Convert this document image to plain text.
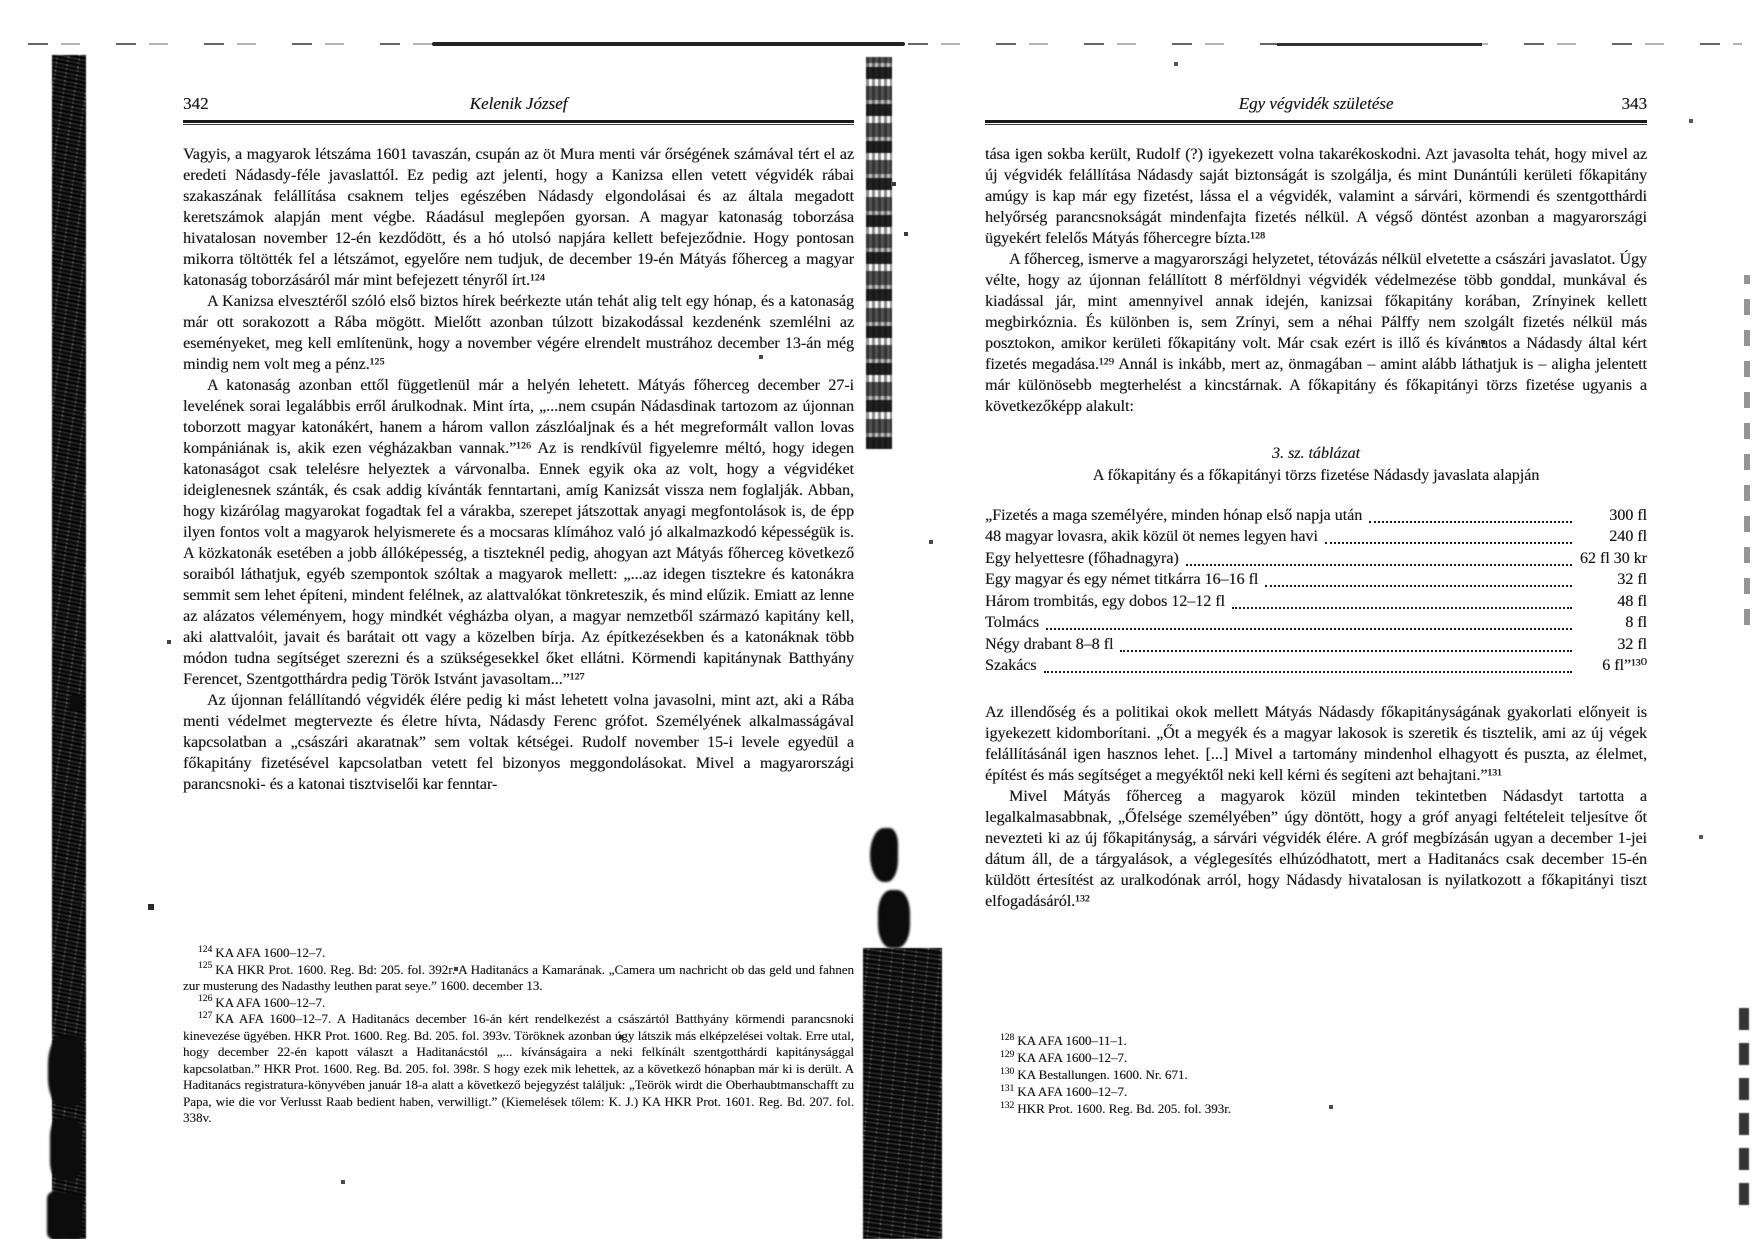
342	Kelenik József

Vagyis, a magyarok létszáma 1601 tavaszán, csupán az öt Mura menti vár őrségének számával tért el az eredeti Nádasdy-féle javaslattól. Ez pedig azt jelenti, hogy a Kanizsa ellen vetett végvidék rábai szakaszának felállítása csaknem teljes egészében Nádasdy elgondolásai és az általa megadott keretszámok alapján ment végbe. Ráadásul meglepően gyorsan. A magyar katonaság toborzása hivatalosan november 12-én kezdődött, és a hó utolsó napjára kellett befejeződnie. Hogy pontosan mikorra töltötték fel a létszámot, egyelőre nem tudjuk, de december 19-én Mátyás főherceg a magyar katonaság toborzásáról már mint befejezett tényről írt.¹²⁴

A Kanizsa elvesztéről szóló első biztos hírek beérkezte után tehát alig telt egy hónap, és a katonaság már ott sorakozott a Rába mögött. Mielőtt azonban túlzott bizakodással kezdenénk szemlélni az eseményeket, meg kell említenünk, hogy a november végére elrendelt mustrához december 13-án még mindig nem volt meg a pénz.¹²⁵

A katonaság azonban ettől függetlenül már a helyén lehetett. Mátyás főherceg december 27-i levelének sorai legalábbis erről árulkodnak. Mint írta, „...nem csupán Nádasdinak tartozom az újonnan toborzott magyar katonákért, hanem a három vallon zászlóaljnak és a hét megreformált vallon lovas kompániának is, akik ezen végházakban vannak.”¹²⁶ Az is rendkívül figyelemre méltó, hogy idegen katonaságot csak telelésre helyeztek a várvonalba. Ennek egyik oka az volt, hogy a végvidéket ideiglenesnek szánták, és csak addig kívánták fenntartani, amíg Kanizsát vissza nem foglalják. Abban, hogy kizárólag magyarokat fogadtak fel a várakba, szerepet játszottak anyagi megfontolások is, de épp ilyen fontos volt a magyarok helyismerete és a mocsaras klímához való jó alkalmazkodó képességük is. A közkatonák esetében a jobb állóképesség, a tiszteknél pedig, ahogyan azt Mátyás főherceg következő soraiból láthatjuk, egyéb szempontok szóltak a magyarok mellett: „...az idegen tisztekre és katonákra semmit sem lehet építeni, mindent felélnek, az alattvalókat tönkreteszik, és mind elűzik. Emiatt az lenne az alázatos véleményem, hogy mindkét végházba olyan, a magyar nemzetből származó kapitány kell, aki alattvalóit, javait és barátait ott vagy a közelben bírja. Az építkezésekben és a katonáknak több módon tudna segítséget szerezni és a szükségesekkel őket ellátni. Körmendi kapitánynak Batthyány Ferencet, Szentgotthárdra pedig Török Istvánt javasoltam...”¹²⁷

Az újonnan felállítandó végvidék élére pedig ki mást lehetett volna javasolni, mint azt, aki a Rába menti védelmet megtervezte és életre hívta, Nádasdy Ferenc grófot. Személyének alkalmasságával kapcsolatban a „császári akaratnak” sem voltak kétségei. Rudolf november 15-i levele egyedül a főkapitány fizetésével kapcsolatban vetett fel bizonyos meggondolásokat. Mivel a magyarországi parancsnoki- és a katonai tisztviselői kar fenntar-

$^{124}$ KA AFA 1600–12–7.
$^{125}$ KA HKR Prot. 1600. Reg. Bd: 205. fol. 392r. A Haditanács a Kamarának. „Camera um nachricht ob das geld und fahnen zur musterung des Nadasthy leuthen parat seye.” 1600. december 13.
$^{126}$ KA AFA 1600–12–7.
$^{127}$ KA AFA 1600–12–7. A Haditanács december 16-án kért rendelkezést a császártól Batthyány körmendi parancsnoki kinevezése ügyében. HKR Prot. 1600. Reg. Bd. 205. fol. 393v. Töröknek azonban úgy látszik más elképzelései voltak. Erre utal, hogy december 22-én kapott választ a Haditanácstól „... kívánságaira a neki felkínált szentgotthárdi kapitánysággal kapcsolatban.” HKR Prot. 1600. Reg. Bd. 205. fol. 398r. S hogy ezek mik lehettek, az a következő hónapban már ki is derült. A Haditanács registratura-könyvében január 18-a alatt a következő bejegyzést találjuk: „Teörök wirdt die Oberhaubtmanschafft zu Papa, wie die vor Verlusst Raab bedient haben, verwilligt.” (Kiemelések tőlem: K. J.) KA HKR Prot. 1601. Reg. Bd. 207. fol. 338v.
Egy végvidék születése	343

tása igen sokba került, Rudolf (?) igyekezett volna takarékoskodni. Azt javasolta tehát, hogy mivel az új végvidék felállítása Nádasdy saját biztonságát is szolgálja, és mint Dunántúli kerületi főkapitány amúgy is kap már egy fizetést, lássa el a végvidék, valamint a sárvári, körmendi és szentgotthárdi helyőrség parancsnokságát mindenfajta fizetés nélkül. A végső döntést azonban a magyarországi ügyekért felelős Mátyás főhercegre bízta.¹²⁸

A főherceg, ismerve a magyarországi helyzetet, tétovázás nélkül elvetette a császári javaslatot. Úgy vélte, hogy az újonnan felállított 8 mérföldnyi végvidék védelmezése több gonddal, munkával és kiadással jár, mint amennyivel annak idején, kanizsai főkapitány korában, Zrínyinek kellett megbirkóznia. És különben is, sem Zrínyi, sem a néhai Pálffy nem szolgált fizetés nélkül más posztokon, amikor kerületi főkapitány volt. Már csak ezért is illő és kívánatos a Nádasdy által kért fizetés megadása.¹²⁹ Annál is inkább, mert az, önmagában – amint alább láthatjuk is – aligha jelentett már különösebb megterhelést a kincstárnak. A főkapitány és főkapitányi törzs fizetése ugyanis a következőképp alakult:

3. sz. táblázat
A főkapitány és a főkapitányi törzs fizetése Nádasdy javaslata alapján
„Fizetés a maga személyére, minden hónap első napja után	300 fl
48 magyar lovasra, akik közül öt nemes legyen havi	240 fl
Egy helyettesre (főhadnagyra)	62 fl 30 kr
Egy magyar és egy német titkárra 16–16 fl	32 fl
Három trombitás, egy dobos 12–12 fl	48 fl
Tolmács	8 fl
Négy drabant 8–8 fl	32 fl
Szakács	6 fl”¹³⁰

Az illendőség és a politikai okok mellett Mátyás Nádasdy főkapitányságának gyakorlati előnyeit is igyekezett kidomborítani. „Őt a megyék és a magyar lakosok is szeretik és tisztelik, ami az új végek felállításánál igen hasznos lehet. [...] Mivel a tartomány mindenhol elhagyott és puszta, az élelmet, építést és más segítséget a megyéktől neki kell kérni és segíteni azt behajtani.”¹³¹

Mivel Mátyás főherceg a magyarok közül minden tekintetben Nádasdyt tartotta a legalkalmasabbnak, „Őfelsége személyében” úgy döntött, hogy a gróf anyagi feltételeit teljesítve őt nevezteti ki az új főkapitányság, a sárvári végvidék élére. A gróf megbízásán ugyan a december 1-jei dátum áll, de a tárgyalások, a véglegesítés elhúzódhatott, mert a Haditanács csak december 15-én küldött értesítést az uralkodónak arról, hogy Nádasdy hivatalosan is nyilatkozott a főkapitányi tiszt elfogadásáról.¹³²

$^{128}$ KA AFA 1600–11–1.
$^{129}$ KA AFA 1600–12–7.
$^{130}$ KA Bestallungen. 1600. Nr. 671.
$^{131}$ KA AFA 1600–12–7.
$^{132}$ HKR Prot. 1600. Reg. Bd. 205. fol. 393r.
